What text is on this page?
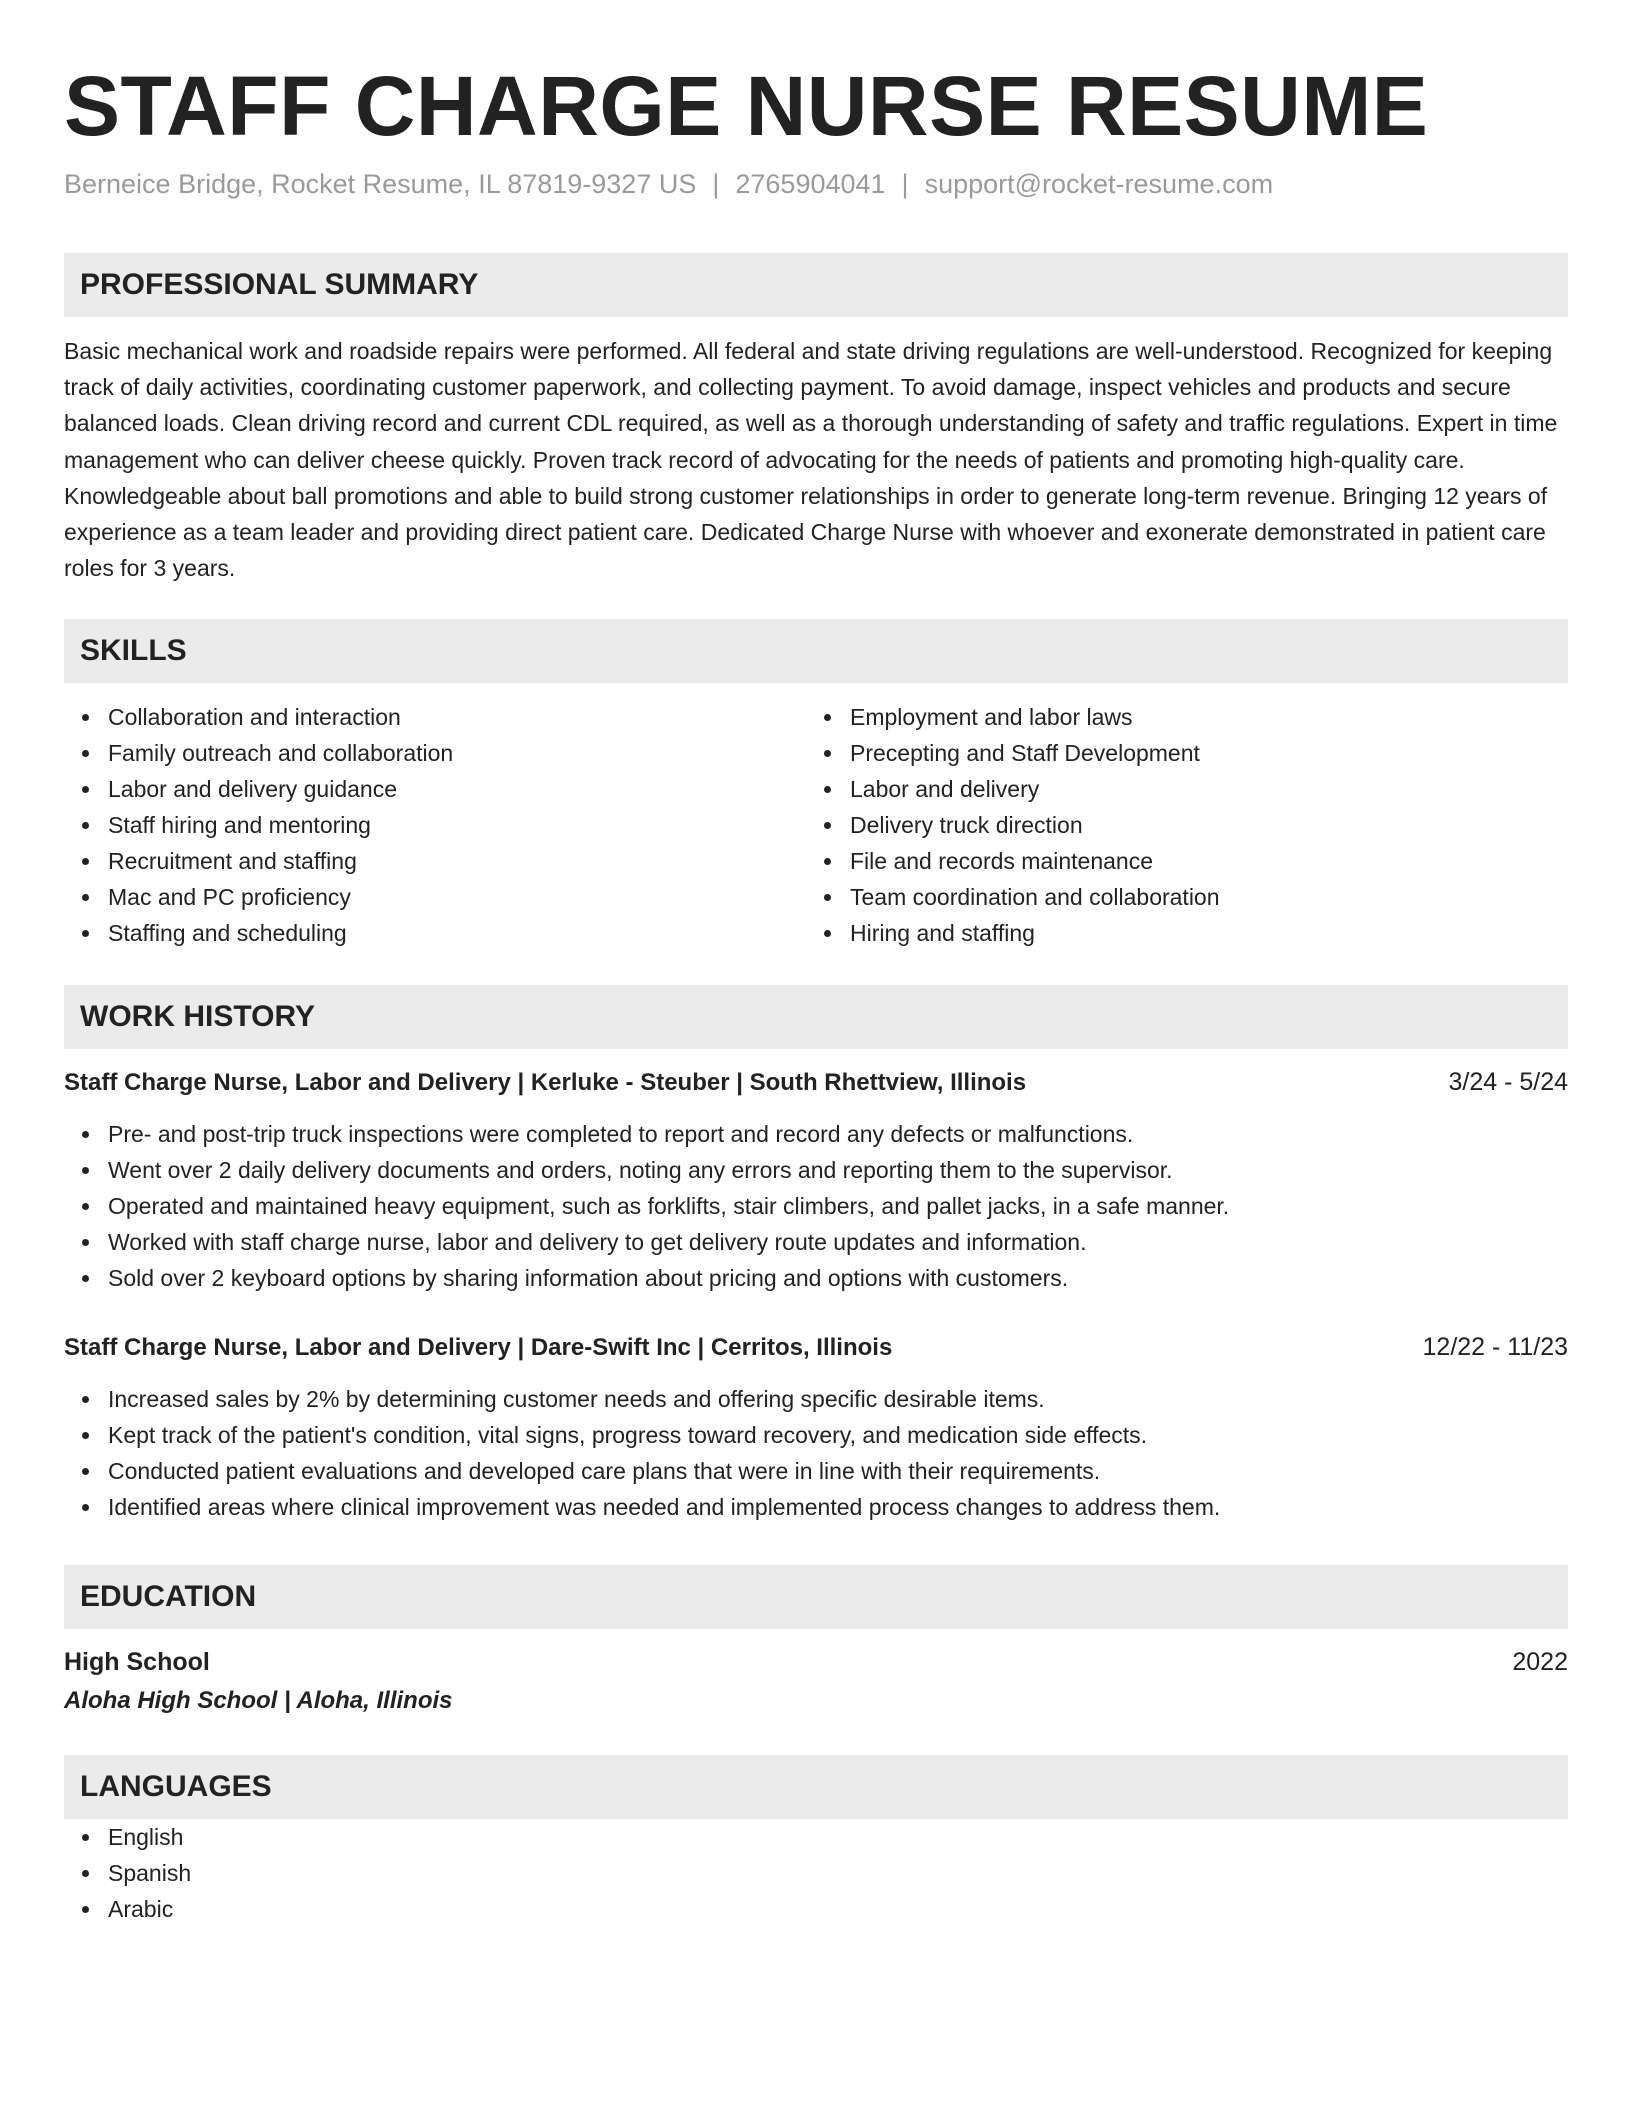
STAFF CHARGE NURSE RESUME
Berneice Bridge, Rocket Resume, IL 87819-9327 US | 2765904041 | support@rocket-resume.com
PROFESSIONAL SUMMARY

Basic mechanical work and roadside repairs were performed. All federal and state driving regulations are well-understood. Recognized for keeping track of daily activities, coordinating customer paperwork, and collecting payment. To avoid damage, inspect vehicles and products and secure balanced loads. Clean driving record and current CDL required, as well as a thorough understanding of safety and traffic regulations. Expert in time management who can deliver cheese quickly. Proven track record of advocating for the needs of patients and promoting high-quality care. Knowledgeable about ball promotions and able to build strong customer relationships in order to generate long-term revenue. Bringing 12 years of experience as a team leader and providing direct patient care. Dedicated Charge Nurse with whoever and exonerate demonstrated in patient care roles for 3 years.

SKILLS
Collaboration and interaction
Family outreach and collaboration
Labor and delivery guidance
Staff hiring and mentoring
Recruitment and staffing
Mac and PC proficiency
Staffing and scheduling
Employment and labor laws
Precepting and Staff Development
Labor and delivery
Delivery truck direction
File and records maintenance
Team coordination and collaboration
Hiring and staffing
WORK HISTORY
Staff Charge Nurse, Labor and Delivery | Kerluke - Steuber | South Rhettview, Illinois	3/24 - 5/24
Pre- and post-trip truck inspections were completed to report and record any defects or malfunctions.
Went over 2 daily delivery documents and orders, noting any errors and reporting them to the supervisor.
Operated and maintained heavy equipment, such as forklifts, stair climbers, and pallet jacks, in a safe manner.
Worked with staff charge nurse, labor and delivery to get delivery route updates and information.
Sold over 2 keyboard options by sharing information about pricing and options with customers.
Staff Charge Nurse, Labor and Delivery | Dare-Swift Inc | Cerritos, Illinois	12/22 - 11/23
Increased sales by 2% by determining customer needs and offering specific desirable items.
Kept track of the patient's condition, vital signs, progress toward recovery, and medication side effects.
Conducted patient evaluations and developed care plans that were in line with their requirements.
Identified areas where clinical improvement was needed and implemented process changes to address them.
EDUCATION
High School	2022
Aloha High School | Aloha, Illinois
LANGUAGES
English
Spanish
Arabic
